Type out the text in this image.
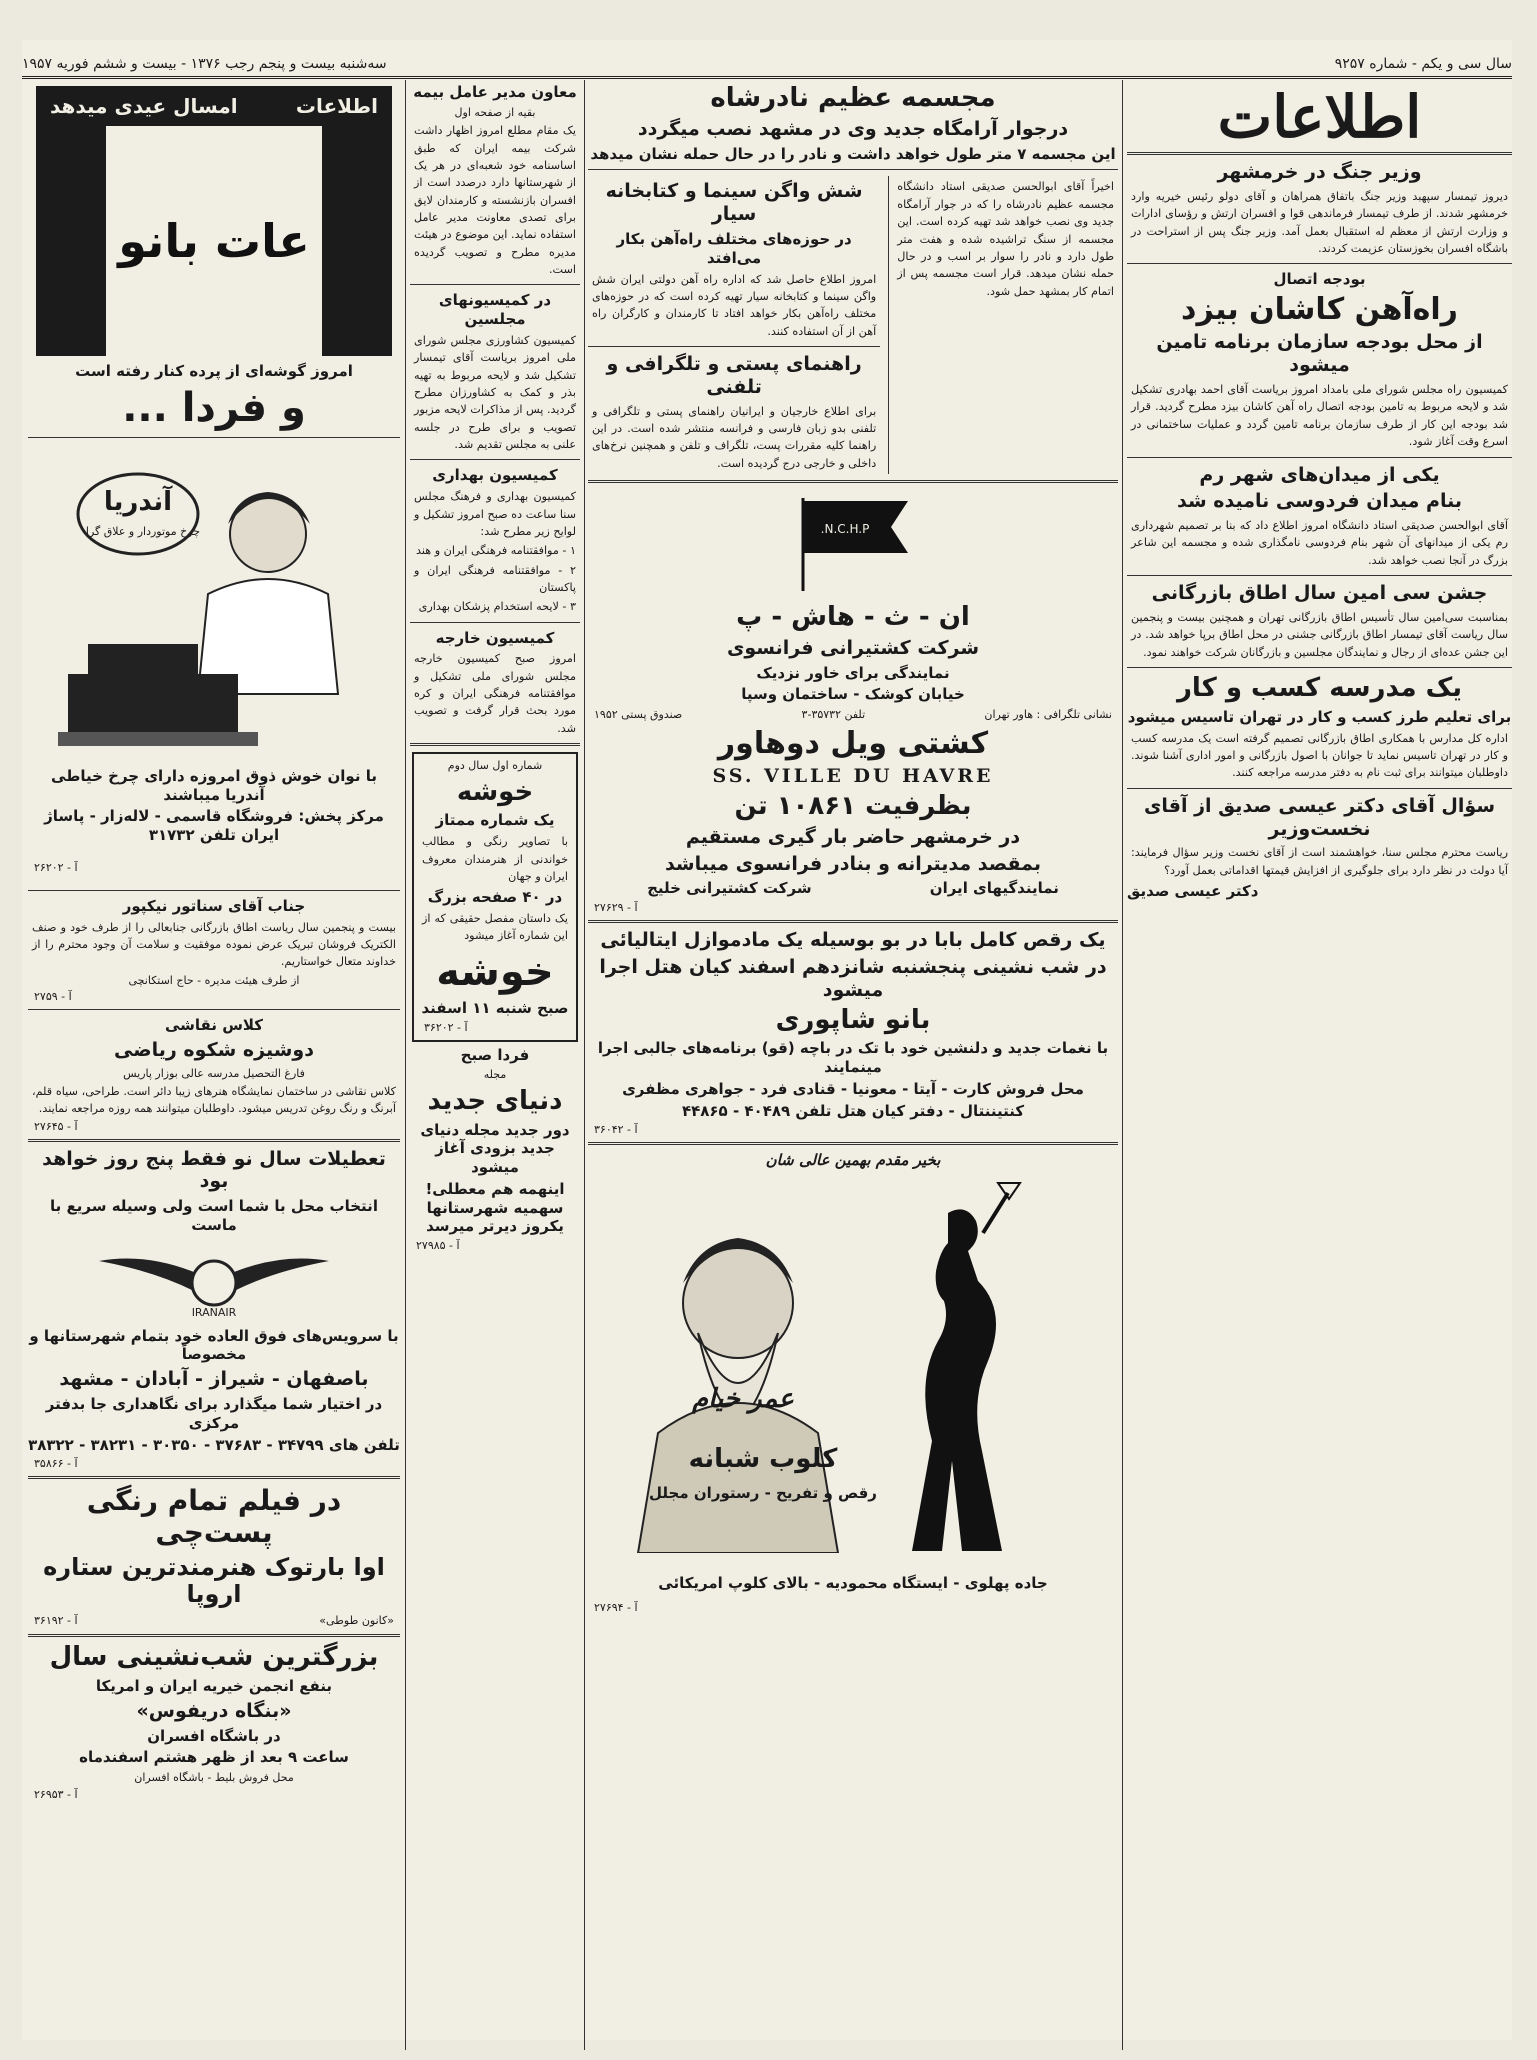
سال سی و یکم - شماره ۹۲۵۷
سه‌شنبه بیست و پنجم رجب ۱۳۷۶ - بیست و ششم فوریه ۱۹۵۷
اطلاعات
وزیر جنگ در خرمشهر

دیروز تیمسار سپهبد وزیر جنگ باتفاق همراهان و آقای دولو رئیس خیریه وارد خرمشهر شدند. از طرف تیمسار فرماندهی قوا و افسران ارتش و رؤسای ادارات و وزارت ارتش از معظم له استقبال بعمل آمد. وزیر جنگ پس از استراحت در باشگاه افسران بخوزستان عزیمت کردند.

بودجه اتصال
راه‌آهن کاشان بیزد
از محل بودجه سازمان برنامه تامین میشود

کمیسیون راه مجلس شورای ملی بامداد امروز بریاست آقای احمد بهادری تشکیل شد و لایحه مربوط به تامین بودجه اتصال راه آهن کاشان بیزد مطرح گردید. قرار شد بودجه این کار از طرف سازمان برنامه تامین گردد و عملیات ساختمانی در اسرع وقت آغاز شود.

یکی از میدان‌های شهر رم
بنام میدان فردوسی نامیده شد

آقای ابوالحسن صدیقی استاد دانشگاه امروز اطلاع داد که بنا بر تصمیم شهرداری رم یکی از میدانهای آن شهر بنام فردوسی نامگذاری شده و مجسمه این شاعر بزرگ در آنجا نصب خواهد شد.

جشن سی امین سال اطاق بازرگانی

بمناسبت سی‌امین سال تأسیس اطاق بازرگانی تهران و همچنین بیست و پنجمین سال ریاست آقای تیمسار اطاق بازرگانی جشنی در محل اطاق برپا خواهد شد. در این جشن عده‌ای از رجال و نمایندگان مجلسین و بازرگانان شرکت خواهند نمود.

یک مدرسه کسب و کار
برای تعلیم طرز کسب و کار در تهران تاسیس میشود

اداره کل مدارس با همکاری اطاق بازرگانی تصمیم گرفته است یک مدرسه کسب و کار در تهران تاسیس نماید تا جوانان با اصول بازرگانی و امور اداری آشنا شوند. داوطلبان میتوانند برای ثبت نام به دفتر مدرسه مراجعه کنند.

سؤال آقای دکتر عیسی صدیق از آقای نخست‌وزیر

ریاست محترم مجلس سنا، خواهشمند است از آقای نخست وزیر سؤال فرمایند: آیا دولت در نظر دارد برای جلوگیری از افزایش قیمتها اقداماتی بعمل آورد؟

دکتر عیسی صدیق
مجسمه عظیم نادرشاه
درجوار آرامگاه جدید وی در مشهد نصب میگردد
این مجسمه ۷ متر طول خواهد داشت و نادر را در حال حمله نشان میدهد

اخیراً آقای ابوالحسن صدیقی استاد دانشگاه مجسمه عظیم نادرشاه را که در جوار آرامگاه جدید وی نصب خواهد شد تهیه کرده است. این مجسمه از سنگ تراشیده شده و هفت متر طول دارد و نادر را سوار بر اسب و در حال حمله نشان میدهد. قرار است مجسمه پس از اتمام کار بمشهد حمل شود.

شش واگن سینما و کتابخانه سیار
در حوزه‌های مختلف راه‌آهن بکار می‌افتد

امروز اطلاع حاصل شد که اداره راه آهن دولتی ایران شش واگن سینما و کتابخانه سیار تهیه کرده است که در حوزه‌های مختلف راه‌آهن بکار خواهد افتاد تا کارمندان و کارگران راه آهن از آن استفاده کنند.

راهنمای پستی و تلگرافی و تلفنی

برای اطلاع خارجیان و ایرانیان راهنمای پستی و تلگرافی و تلفنی بدو زبان فارسی و فرانسه منتشر شده است. در این راهنما کلیه مقررات پست، تلگراف و تلفن و همچنین نرخ‌های داخلی و خارجی درج گردیده است.

N.C.H.P.
ان - ث - هاش - پ
شرکت کشتیرانی فرانسوی
نمایندگی برای خاور نزدیک
خیابان کوشک - ساختمان وسپا
نشانی تلگرافی : هاور تهران
تلفن ۳۵۷۳۲-۳
صندوق پستی ۱۹۵۲
کشتی ویل دوهاور
SS. VILLE DU HAVRE
بظرفیت ۱۰۸۶۱ تن
در خرمشهر حاضر بار گیری مستقیم
بمقصد مدیترانه و بنادر فرانسوی میباشد
نمایندگیهای ایران
شرکت کشتیرانی خلیج
آ - ۲۷۶۲۹
یک رقص کامل بابا در بو بوسیله یک مادموازل ایتالیائی
در شب نشینی پنجشنبه شانزدهم اسفند کیان هتل اجرا میشود
بانو شاپوری
با نغمات جدید و دلنشین خود با تک در باچه (قو) برنامه‌های جالبی اجرا مینمایند
محل فروش کارت - آیتا - معونیا - قنادی فرد - جواهری مظفری
کنتیننتال - دفتر کیان هتل تلفن ۴۰۴۸۹ - ۴۴۸۶۵
آ - ۳۶۰۴۲
بخیر مقدم بهمین عالی شان
عمر خیام
کلوب شبانه
رقص و تفریح - رستوران مجلل
جاده پهلوی - ایستگاه محمودیه - بالای کلوپ امریکائی
آ - ۲۷۶۹۴
معاون مدیر عامل بیمه
بقیه از صفحه اول

یک مقام مطلع امروز اظهار داشت شرکت بیمه ایران که طبق اساسنامه خود شعبه‌ای در هر یک از شهرستانها دارد درصدد است از افسران بازنشسته و کارمندان لایق برای تصدی معاونت مدیر عامل استفاده نماید. این موضوع در هیئت مدیره مطرح و تصویب گردیده است.

در کمیسیونهای مجلسین

کمیسیون کشاورزی مجلس شورای ملی امروز بریاست آقای تیمسار تشکیل شد و لایحه مربوط به تهیه بذر و کمک به کشاورزان مطرح گردید. پس از مذاکرات لایحه مزبور تصویب و برای طرح در جلسه علنی به مجلس تقدیم شد.

کمیسیون بهداری

کمیسیون بهداری و فرهنگ مجلس سنا ساعت ده صبح امروز تشکیل و لوایح زیر مطرح شد:

۱ - موافقتنامه فرهنگی ایران و هند

۲ - موافقتنامه فرهنگی ایران و پاکستان

۳ - لایحه استخدام پزشکان بهداری

کمیسیون خارجه

امروز صبح کمیسیون خارجه مجلس شورای ملی تشکیل و موافقتنامه فرهنگی ایران و کره مورد بحث قرار گرفت و تصویب شد.

شماره اول سال دوم
خوشه
یک شماره ممتاز

با تصاویر رنگی و مطالب خواندنی از هنرمندان معروف ایران و جهان

در ۴۰ صفحه بزرگ

یک داستان مفصل حقیقی که از این شماره آغاز میشود

خوشه
صبح شنبه ۱۱ اسفند
آ - ۳۶۲۰۲
فردا صبح
مجله
دنیای جدید
دور جدید مجله دنیای جدید بزودی آغاز میشود
اینهمه هم معطلی! سهمیه شهرستانها یکروز دیرتر میرسد
آ - ۲۷۹۸۵
اطلاعات
امسال عیدی میدهد
عات بانو
امروز گوشه‌ای از پرده کنار رفته است
و فردا ...
آندریا
چرخ موتوردار و علاق گرا
با نوان خوش ذوق امروزه دارای چرخ خیاطی آندریا میباشند
مرکز پخش: فروشگاه قاسمی - لاله‌زار - پاساژ ایران تلفن ۳۱۷۳۲
آ - ۲۶۲۰۲
جناب آقای سناتور نیکپور

بیست و پنجمین سال ریاست اطاق بازرگانی جنابعالی را از طرف خود و صنف الکتریک فروشان تبریک عرض نموده موفقیت و سلامت آن وجود محترم را از خداوند متعال خواستاریم.

از طرف هیئت مدیره - حاج استکانچی
آ - ۲۷۵۹
کلاس نقاشی
دوشیزه شکوه ریاضی
فارغ التحصیل مدرسه عالی بوزار پاریس

کلاس نقاشی در ساختمان نمایشگاه هنرهای زیبا دائر است. طراحی، سیاه قلم، آبرنگ و رنگ روغن تدریس میشود. داوطلبان میتوانند همه روزه مراجعه نمایند.

آ - ۲۷۶۴۵
تعطیلات سال نو فقط پنج روز خواهد بود
انتخاب محل با شما است ولی وسیله سریع با ماست
IRANAIR
با سرویس‌های فوق العاده خود بتمام شهرستانها و مخصوصاً
باصفهان - شیراز - آبادان - مشهد
در اختیار شما میگذارد برای نگاهداری جا بدفتر مرکزی
تلفن های ۳۴۷۹۹ - ۳۷۶۸۳ - ۳۰۳۵۰ - ۳۸۲۳۱ - ۳۸۳۲۲
آ - ۳۵۸۶۶
در فیلم تمام رنگی پست‌چی
اوا بارتوک هنرمندترین ستاره اروپا
«کانون طوطی»
آ - ۳۶۱۹۲
بزرگترین شب‌نشینی سال
بنفع انجمن خیریه ایران و امریکا
«بنگاه دریفوس»
در باشگاه افسران
ساعت ۹ بعد از ظهر هشتم اسفندماه
محل فروش بلیط - باشگاه افسران
آ - ۲۶۹۵۳
